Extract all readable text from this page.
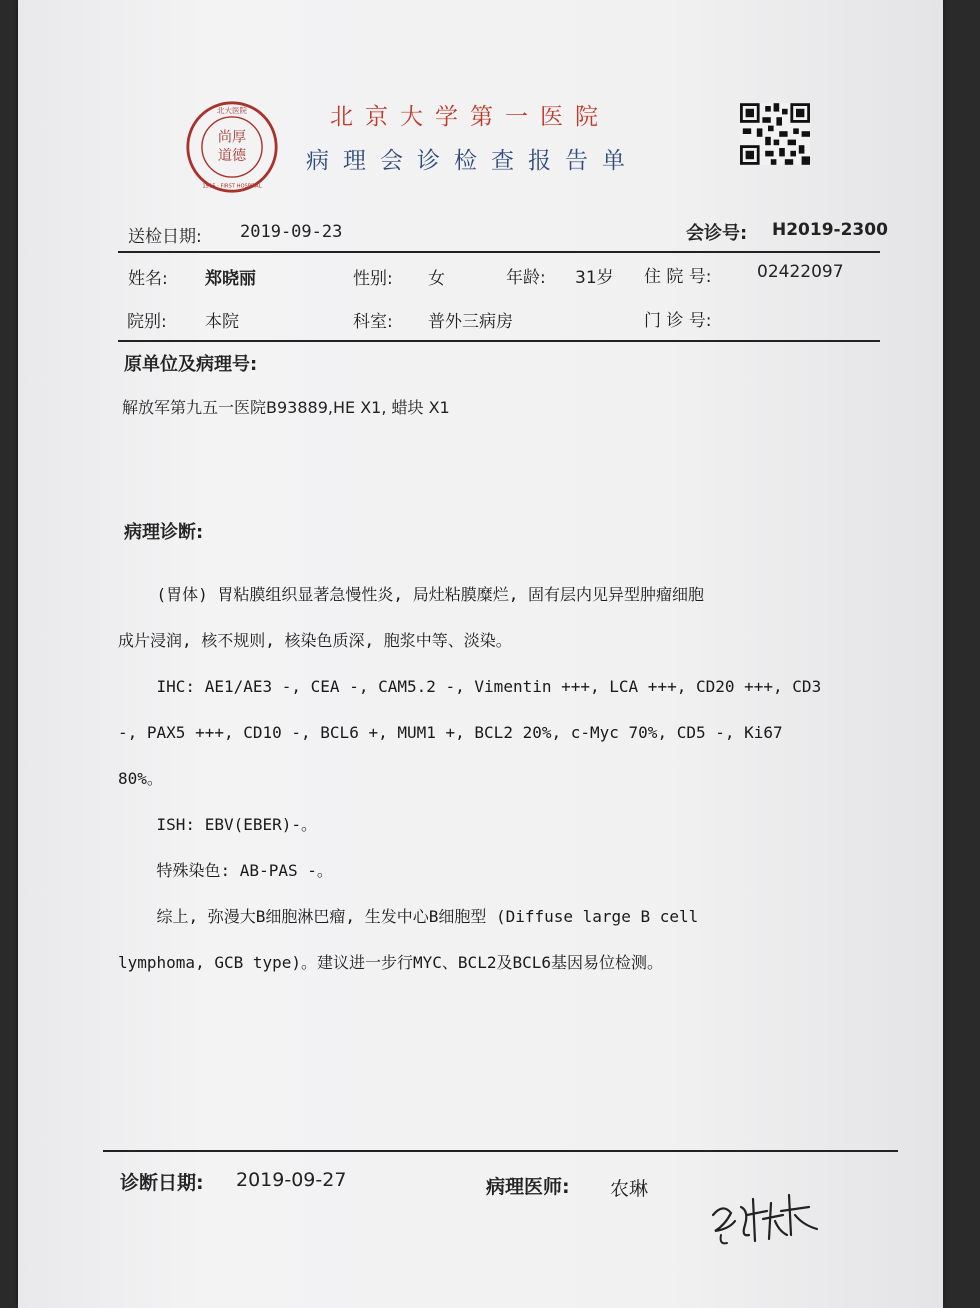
尚厚
道德
北大医院
1915 · FIRST HOSPITAL
北京大学第一医院
病理会诊检查报告单
送检日期: 2019-09-23	会诊号: H2019-2300
姓名: 郑晓丽	性别: 女	年龄: 31岁 住 院 号:	02422097
院别: 本院	科室: 普外三病房	门 诊 号:
原单位及病理号:
解放军第九五一医院B93889,HE X1, 蜡块 X1
病理诊断:

(胃体) 胃粘膜组织显著急慢性炎, 局灶粘膜糜烂, 固有层内见异型肿瘤细胞

成片浸润, 核不规则, 核染色质深, 胞浆中等、淡染。

IHC: AE1/AE3 -, CEA -, CAM5.2 -, Vimentin +++, LCA +++, CD20 +++, CD3

-, PAX5 +++, CD10 -, BCL6 +, MUM1 +, BCL2 20%, c-Myc 70%, CD5 -, Ki67

80%。

ISH: EBV(EBER)-。

特殊染色: AB-PAS -。

综上, 弥漫大B细胞淋巴瘤, 生发中心B细胞型 (Diffuse large B cell

lymphoma, GCB type)。建议进一步行MYC、BCL2及BCL6基因易位检测。

诊断日期: 2019-09-27	病理医师: 农琳
